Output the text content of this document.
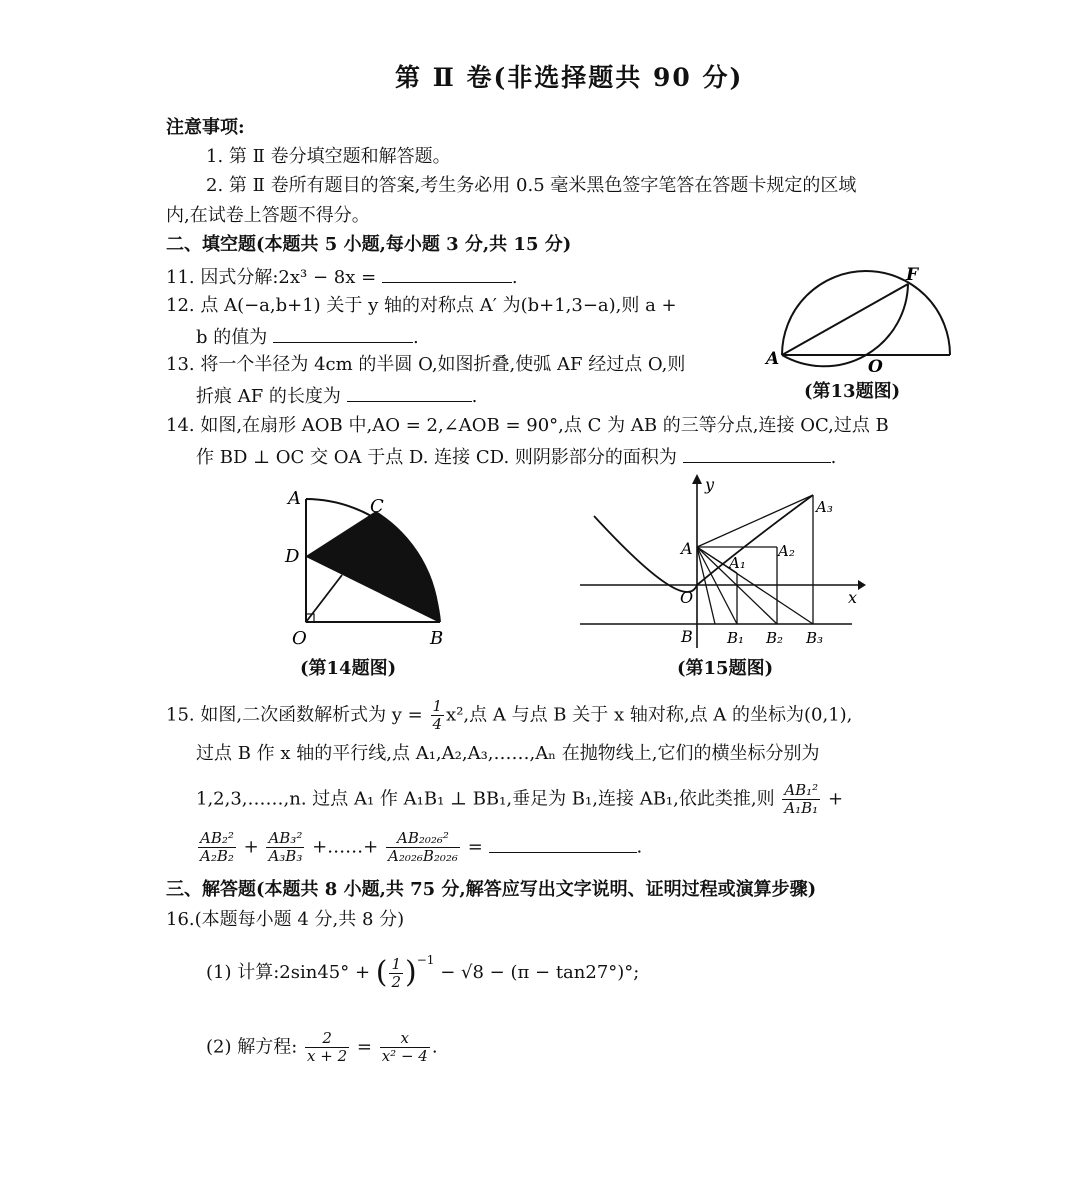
第 Ⅱ 卷(非选择题共 90 分)
注意事项:
1. 第 Ⅱ 卷分填空题和解答题。
2. 第 Ⅱ 卷所有题目的答案,考生务必用 0.5 毫米黑色签字笔答在答题卡规定的区域
内,在试卷上答题不得分。
二、填空题(本题共 5 小题,每小题 3 分,共 15 分)
11. 因式分解:2x³ − 8x =	.
12. 点 A(−a,b+1) 关于 y 轴的对称点 A′ 为(b+1,3−a),则 a +
b 的值为	.
13. 将一个半径为 4cm 的半圆 O,如图折叠,使弧 AF 经过点 O,则
折痕 AF 的长度为	.
A
F
O
(第13题图)
14. 如图,在扇形 AOB 中,AO = 2,∠AOB = 90°,点 C 为 AB 的三等分点,连接 OC,过点 B
作 BD ⊥ OC 交 OA 于点 D. 连接 CD. 则阴影部分的面积为	.
A	C
D
O	B
(第14题图)
y
x
O
A
A₁
A₂
A₃
B B₁ B₂ B₃
(第15题图)
15. 如图,二次函数解析式为 $y = \frac{1}{4} x^2$,点 A 与点 B 关于 x 轴对称,点 A 的坐标为(0,1),
过点 B 作 x 轴的平行线,点 A₁,A₂,A₃,……,Aₙ 在抛物线上,它们的横坐标分别为
1,2,3,……,n. 过点 A₁ 作 A₁B₁ ⊥ BB₁,垂足为 B₁,连接 AB₁,依此类推,则 $\frac{\text{AB₁²}}{\text{A₁B₁}}$ +
$\frac{\text{AB₂²}}{\text{A₂B₂}} + \frac{\text{AB₃²}}{\text{A₃B₃}}$ +……+ $\frac{\text{AB₂₀₂₆²}}{\text{A₂₀₂₆B₂₀₂₆}}$ =	.
三、解答题(本题共 8 小题,共 75 分,解答应写出文字说明、证明过程或演算步骤)
16.(本题每小题 4 分,共 8 分)
(1) 计算:2sin45° + ( $\frac{1}{2} )^{-1} - √8 - (\pi - \tan 27^\circ)^\circ$;
(2) 解方程: $\frac{2}{x + 2} = \frac{x}{\text{x² − 4}}$ .
